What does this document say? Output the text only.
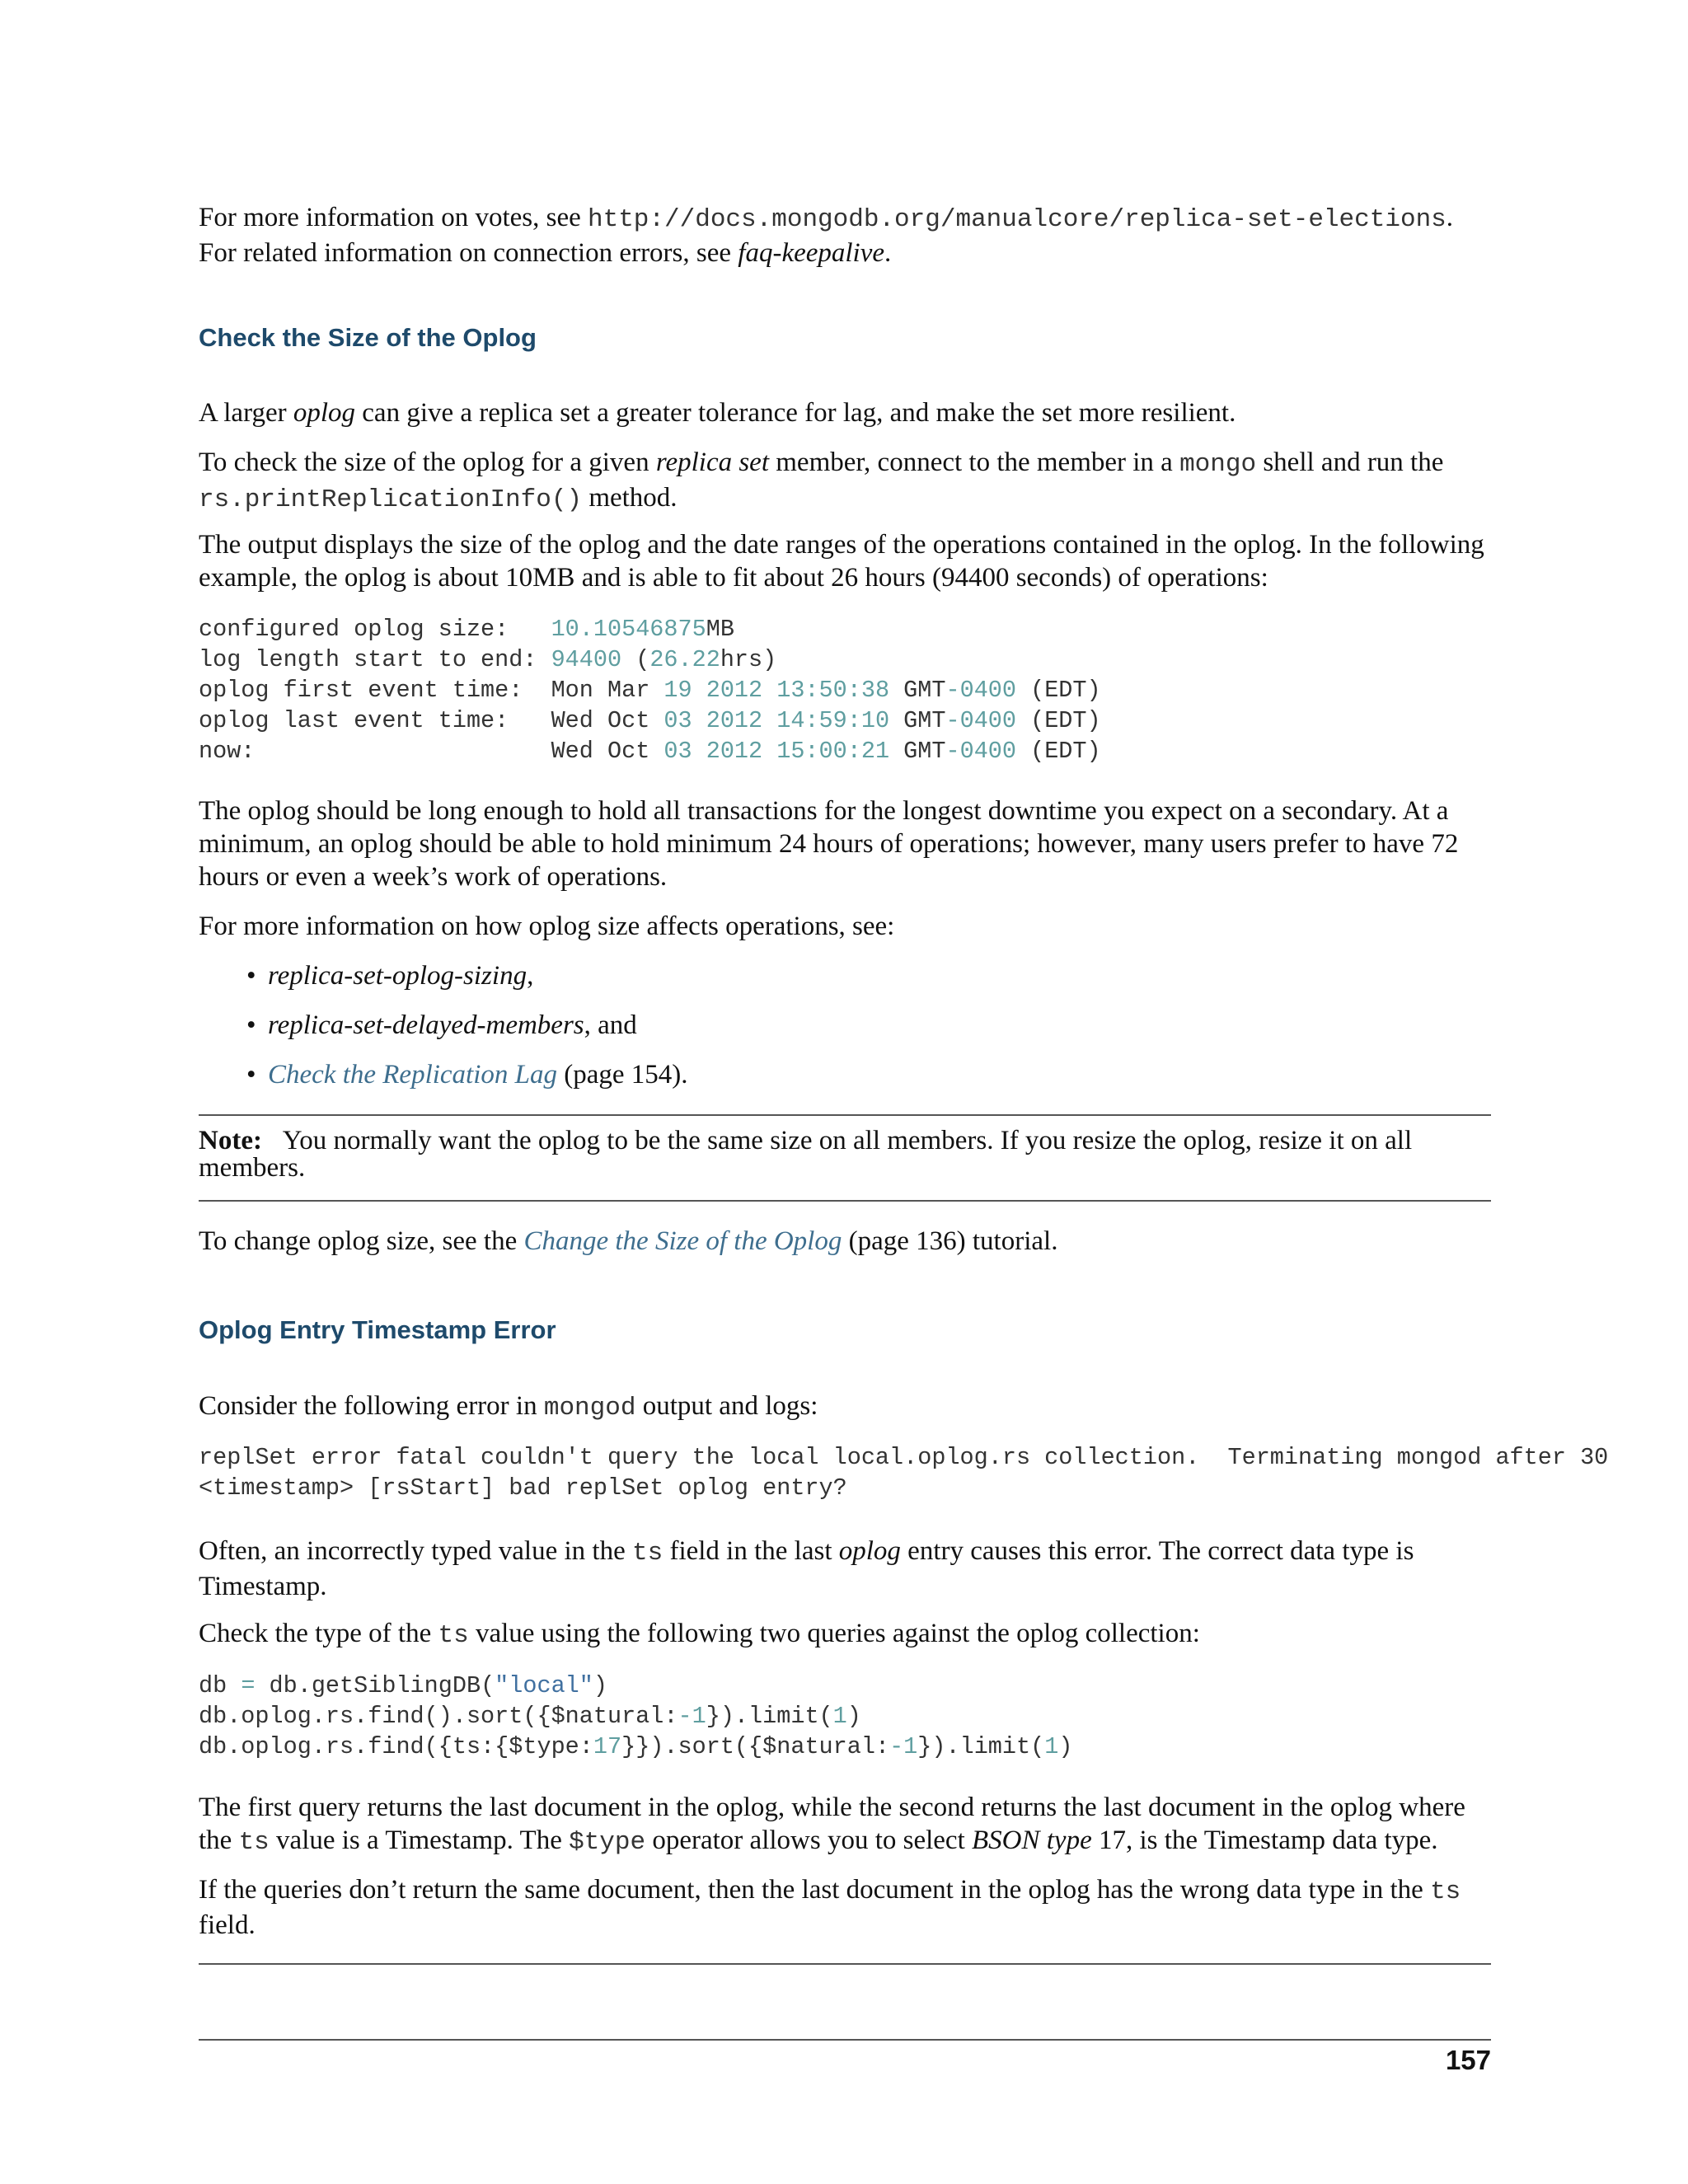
For more information on votes, see http://docs.mongodb.org/manualcore/replica-set-elections.
For related information on connection errors, see faq-keepalive.

Check the Size of the Oplog

A larger oplog can give a replica set a greater tolerance for lag, and make the set more resilient.

To check the size of the oplog for a given replica set member, connect to the member in a mongo shell and run the
rs.printReplicationInfo() method.

The output displays the size of the oplog and the date ranges of the operations contained in the oplog. In the following example, the oplog is about 10MB and is able to fit about 26 hours (94400 seconds) of operations:

configured oplog size:   10.10546875MB
log length start to end: 94400 (26.22hrs)
oplog first event time:  Mon Mar 19 2012 13:50:38 GMT-0400 (EDT)
oplog last event time:   Wed Oct 03 2012 14:59:10 GMT-0400 (EDT)
now:                     Wed Oct 03 2012 15:00:21 GMT-0400 (EDT)

The oplog should be long enough to hold all transactions for the longest downtime you expect on a secondary. At a minimum, an oplog should be able to hold minimum 24 hours of operations; however, many users prefer to have 72 hours or even a week’s work of operations.

For more information on how oplog size affects operations, see:

• replica-set-oplog-sizing,
• replica-set-delayed-members, and
• Check the Replication Lag (page 154).

Note: You normally want the oplog to be the same size on all members. If you resize the oplog, resize it on all members.

To change oplog size, see the Change the Size of the Oplog (page 136) tutorial.

Oplog Entry Timestamp Error

Consider the following error in mongod output and logs:

replSet error fatal couldn't query the local local.oplog.rs collection.  Terminating mongod after 30
<timestamp> [rsStart] bad replSet oplog entry?

Often, an incorrectly typed value in the ts field in the last oplog entry causes this error. The correct data type is Timestamp.

Check the type of the ts value using the following two queries against the oplog collection:

db = db.getSiblingDB("local")
db.oplog.rs.find().sort({$natural:-1}).limit(1)
db.oplog.rs.find({ts:{$type:17}}).sort({$natural:-1}).limit(1)

The first query returns the last document in the oplog, while the second returns the last document in the oplog where the ts value is a Timestamp. The $type operator allows you to select BSON type 17, is the Timestamp data type.

If the queries don’t return the same document, then the last document in the oplog has the wrong data type in the ts field.

157
